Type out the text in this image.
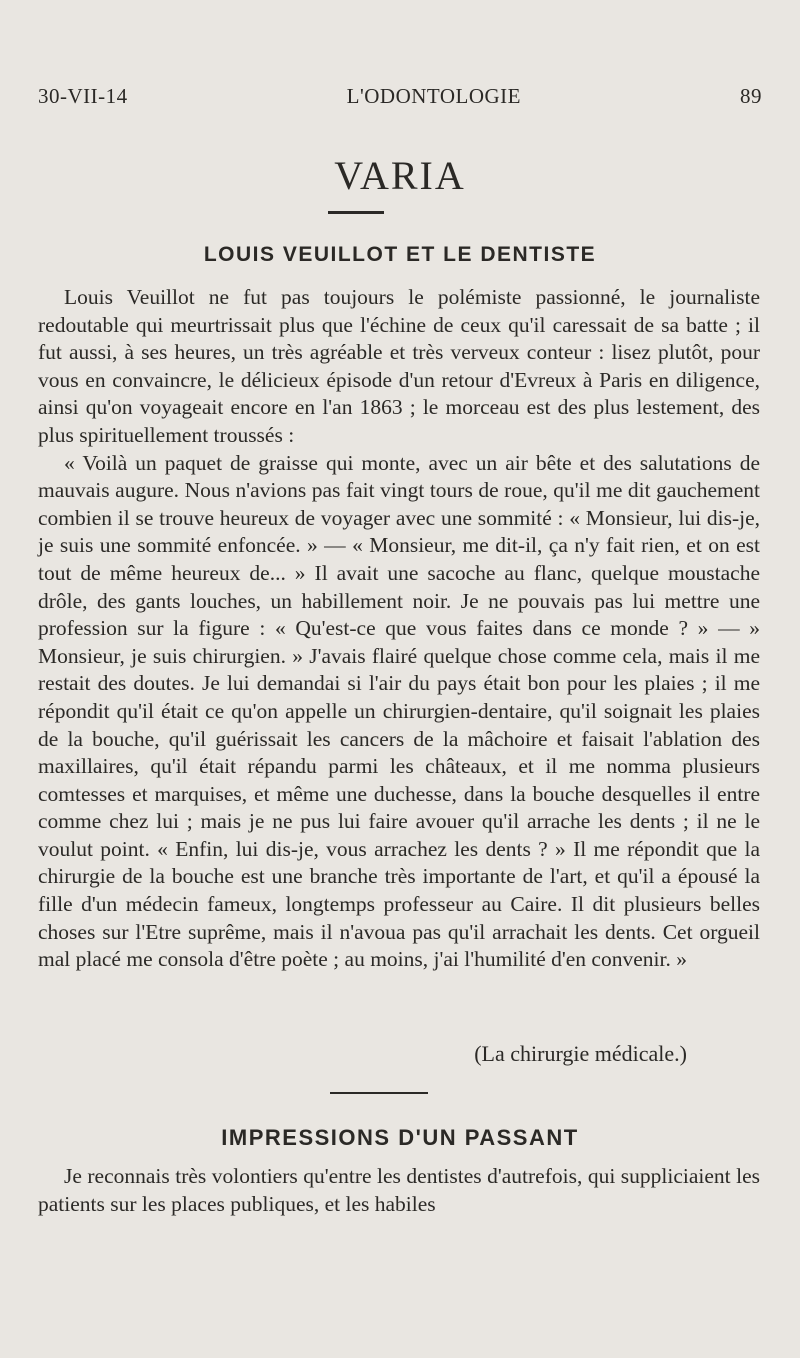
30-VII-14	L'ODONTOLOGIE	89
VARIA
LOUIS VEUILLOT ET LE DENTISTE

Louis Veuillot ne fut pas toujours le polémiste passionné, le journaliste redoutable qui meurtrissait plus que l'échine de ceux qu'il caressait de sa batte ; il fut aussi, à ses heures, un très agréable et très verveux conteur : lisez plutôt, pour vous en convaincre, le délicieux épisode d'un retour d'Evreux à Paris en diligence, ainsi qu'on voyageait encore en l'an 1863 ; le morceau est des plus lestement, des plus spirituellement troussés :

« Voilà un paquet de graisse qui monte, avec un air bête et des salutations de mauvais augure. Nous n'avions pas fait vingt tours de roue, qu'il me dit gauchement combien il se trouve heureux de voyager avec une sommité : « Monsieur, lui dis-je, je suis une sommité enfoncée. » — « Monsieur, me dit-il, ça n'y fait rien, et on est tout de même heureux de... » Il avait une sacoche au flanc, quelque moustache drôle, des gants louches, un habillement noir. Je ne pouvais pas lui mettre une profession sur la figure : « Qu'est-ce que vous faites dans ce monde ? » — » Monsieur, je suis chirurgien. » J'avais flairé quelque chose comme cela, mais il me restait des doutes. Je lui demandai si l'air du pays était bon pour les plaies ; il me répondit qu'il était ce qu'on appelle un chirurgien-dentaire, qu'il soignait les plaies de la bouche, qu'il guérissait les cancers de la mâchoire et faisait l'ablation des maxillaires, qu'il était répandu parmi les châteaux, et il me nomma plusieurs comtesses et marquises, et même une duchesse, dans la bouche desquelles il entre comme chez lui ; mais je ne pus lui faire avouer qu'il arrache les dents ; il ne le voulut point. « Enfin, lui dis-je, vous arrachez les dents ? » Il me répondit que la chirurgie de la bouche est une branche très importante de l'art, et qu'il a épousé la fille d'un médecin fameux, longtemps professeur au Caire. Il dit plusieurs belles choses sur l'Etre suprême, mais il n'avoua pas qu'il arrachait les dents. Cet orgueil mal placé me consola d'être poète ; au moins, j'ai l'humilité d'en convenir. »

(La chirurgie médicale.)

IMPRESSIONS D'UN PASSANT

Je reconnais très volontiers qu'entre les dentistes d'autrefois, qui suppliciaient les patients sur les places publiques, et les habiles
